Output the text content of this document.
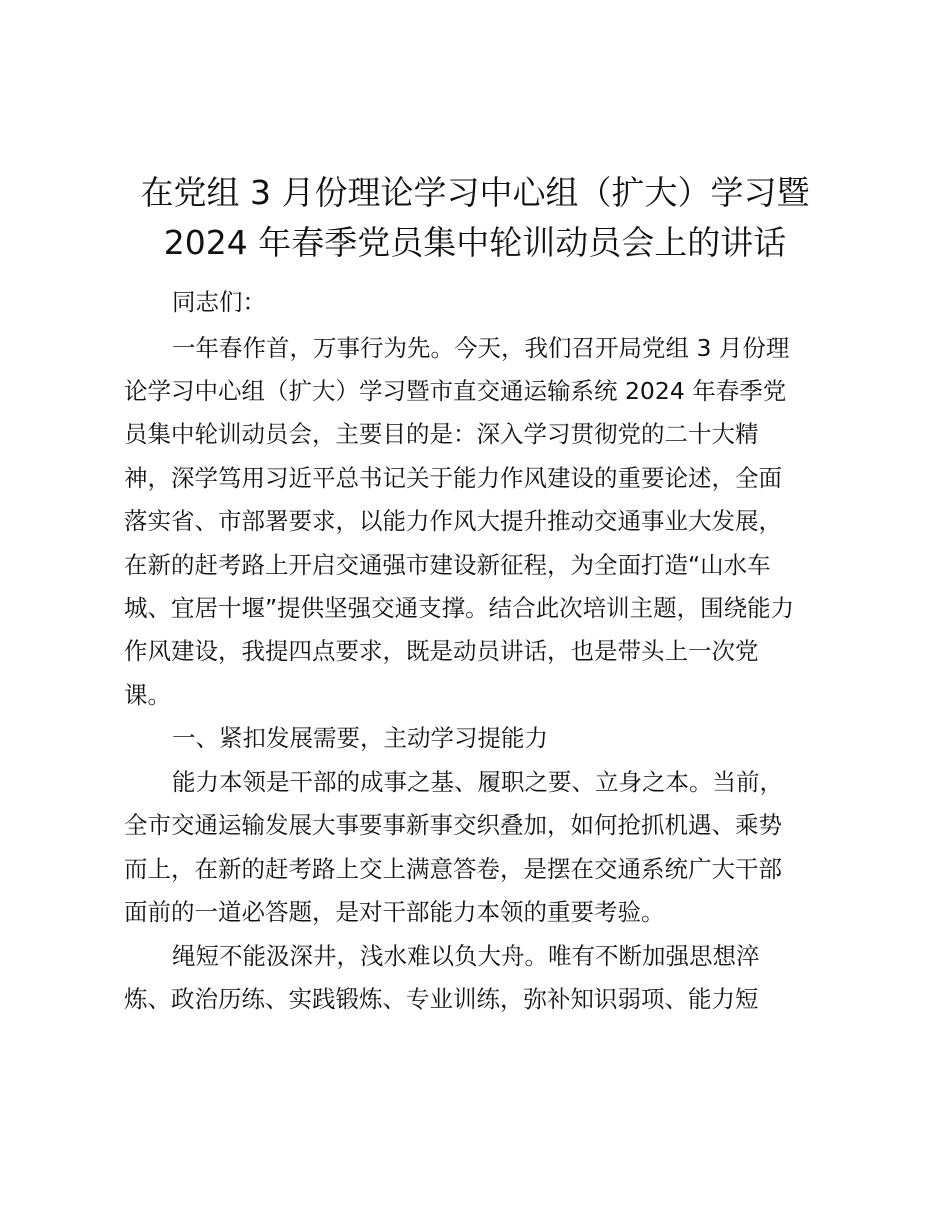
在党组 3 月份理论学习中心组（扩大）学习暨
2024 年春季党员集中轮训动员会上的讲话

同志们：

一年春作首，万事行为先。今天，我们召开局党组 3 月份理

论学习中心组（扩大）学习暨市直交通运输系统 2024 年春季党

员集中轮训动员会，主要目的是：深入学习贯彻党的二十大精

神，深学笃用习近平总书记关于能力作风建设的重要论述，全面

落实省、市部署要求，以能力作风大提升推动交通事业大发展，

在新的赶考路上开启交通强市建设新征程，为全面打造“山水车

城、宜居十堰”提供坚强交通支撑。结合此次培训主题，围绕能力

作风建设，我提四点要求，既是动员讲话，也是带头上一次党

课。

一、紧扣发展需要，主动学习提能力

能力本领是干部的成事之基、履职之要、立身之本。当前，

全市交通运输发展大事要事新事交织叠加，如何抢抓机遇、乘势

而上，在新的赶考路上交上满意答卷，是摆在交通系统广大干部

面前的一道必答题，是对干部能力本领的重要考验。

绳短不能汲深井，浅水难以负大舟。唯有不断加强思想淬

炼、政治历练、实践锻炼、专业训练，弥补知识弱项、能力短
